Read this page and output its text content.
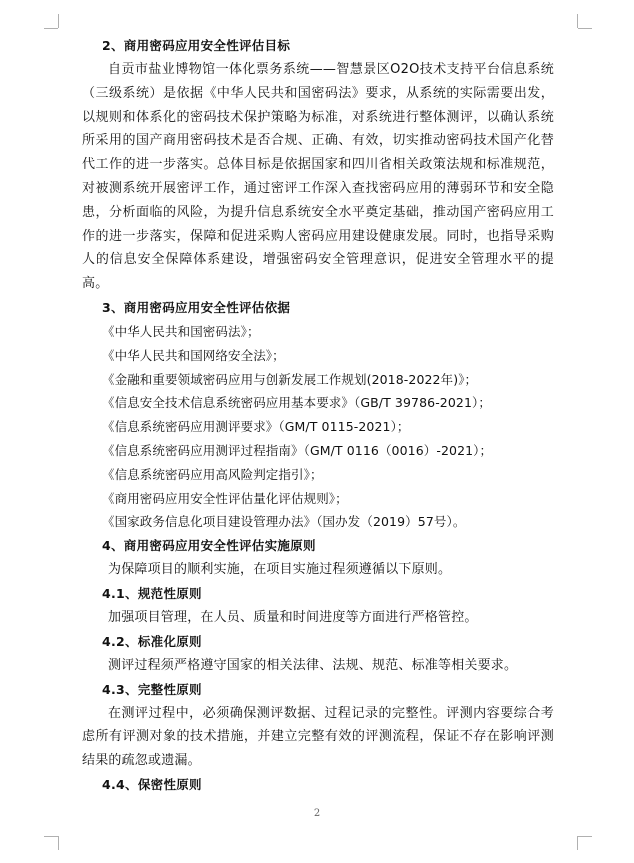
2、商用密码应用安全性评估目标

自贡市盐业博物馆一体化票务系统——智慧景区O2O技术支持平台信息系统（三级系统）是依据《中华人民共和国密码法》要求，从系统的实际需要出发，以规则和体系化的密码技术保护策略为标准，对系统进行整体测评，以确认系统所采用的国产商用密码技术是否合规、正确、有效，切实推动密码技术国产化替代工作的进一步落实。总体目标是依据国家和四川省相关政策法规和标准规范，对被测系统开展密评工作，通过密评工作深入查找密码应用的薄弱环节和安全隐患，分析面临的风险，为提升信息系统安全水平奠定基础，推动国产密码应用工作的进一步落实，保障和促进采购人密码应用建设健康发展。同时，也指导采购人的信息安全保障体系建设，增强密码安全管理意识，促进安全管理水平的提高。

3、商用密码应用安全性评估依据
《中华人民共和国密码法》；
《中华人民共和国网络安全法》；
《金融和重要领域密码应用与创新发展工作规划(2018-2022年)》；
《信息安全技术信息系统密码应用基本要求》（GB/T 39786-2021）；
《信息系统密码应用测评要求》（GM/T 0115-2021）；
《信息系统密码应用测评过程指南》（GM/T 0116（0016）-2021）；
《信息系统密码应用高风险判定指引》；
《商用密码应用安全性评估量化评估规则》；
《国家政务信息化项目建设管理办法》（国办发（2019）57号）。
4、商用密码应用安全性评估实施原则

为保障项目的顺利实施，在项目实施过程须遵循以下原则。

4.1、规范性原则

加强项目管理，在人员、质量和时间进度等方面进行严格管控。

4.2、标准化原则

测评过程须严格遵守国家的相关法律、法规、规范、标准等相关要求。

4.3、完整性原则

在测评过程中，必须确保测评数据、过程记录的完整性。评测内容要综合考虑所有评测对象的技术措施，并建立完整有效的评测流程，保证不存在影响评测结果的疏忽或遗漏。

4.4、保密性原则
2
